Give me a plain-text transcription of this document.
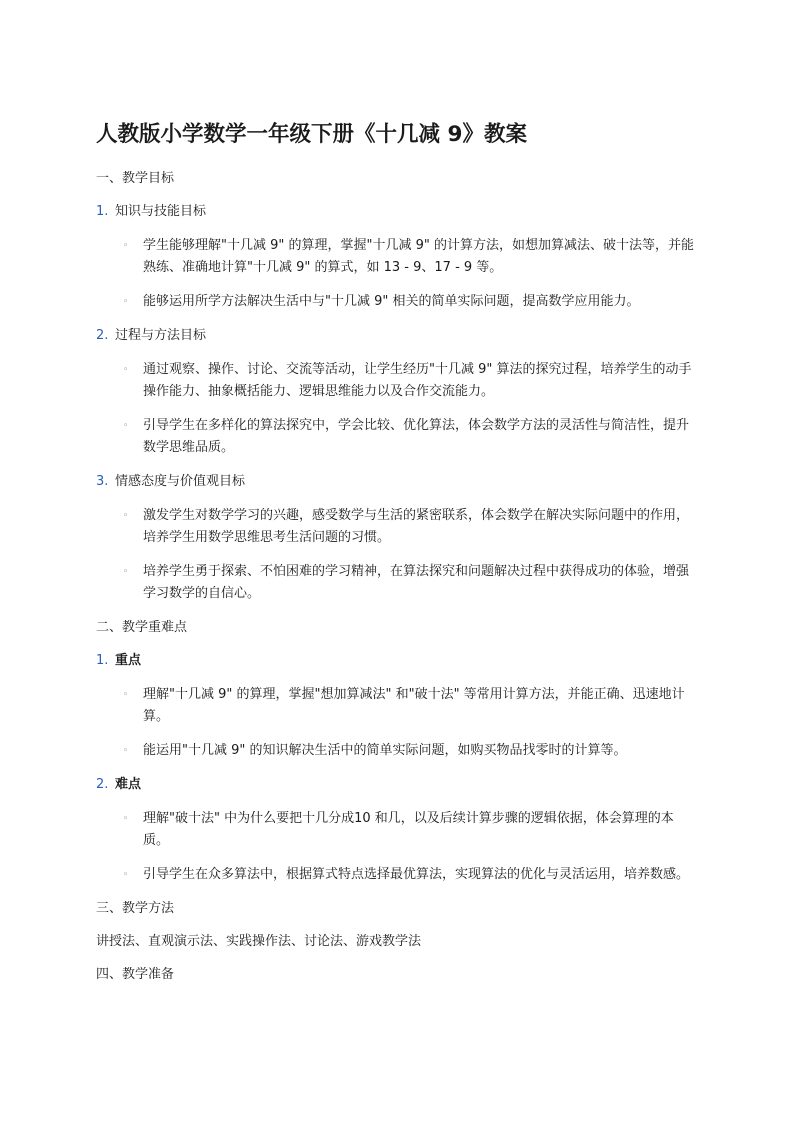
人教版小学数学一年级下册《十几减 9》教案
一、教学目标
1. 知识与技能目标
◦ 学生能够理解"十几减 9" 的算理，掌握"十几减 9" 的计算方法，如想加算减法、破十法等，并能熟练、准确地计算"十几减 9" 的算式，如 13 - 9、17 - 9 等。
◦ 能够运用所学方法解决生活中与"十几减 9" 相关的简单实际问题，提高数学应用能力。
2. 过程与方法目标
◦ 通过观察、操作、讨论、交流等活动，让学生经历"十几减 9" 算法的探究过程，培养学生的动手操作能力、抽象概括能力、逻辑思维能力以及合作交流能力。
◦ 引导学生在多样化的算法探究中，学会比较、优化算法，体会数学方法的灵活性与简洁性，提升数学思维品质。
3. 情感态度与价值观目标
◦ 激发学生对数学学习的兴趣，感受数学与生活的紧密联系，体会数学在解决实际问题中的作用，培养学生用数学思维思考生活问题的习惯。
◦ 培养学生勇于探索、不怕困难的学习精神，在算法探究和问题解决过程中获得成功的体验，增强学习数学的自信心。
二、教学重难点
1. 重点
◦ 理解"十几减 9" 的算理，掌握"想加算减法" 和"破十法" 等常用计算方法，并能正确、迅速地计算。
◦ 能运用"十几减 9" 的知识解决生活中的简单实际问题，如购买物品找零时的计算等。
2. 难点
◦ 理解"破十法" 中为什么要把十几分成10 和几，以及后续计算步骤的逻辑依据，体会算理的本质。
◦ 引导学生在众多算法中，根据算式特点选择最优算法，实现算法的优化与灵活运用，培养数感。
三、教学方法
讲授法、直观演示法、实践操作法、讨论法、游戏教学法
四、教学准备
